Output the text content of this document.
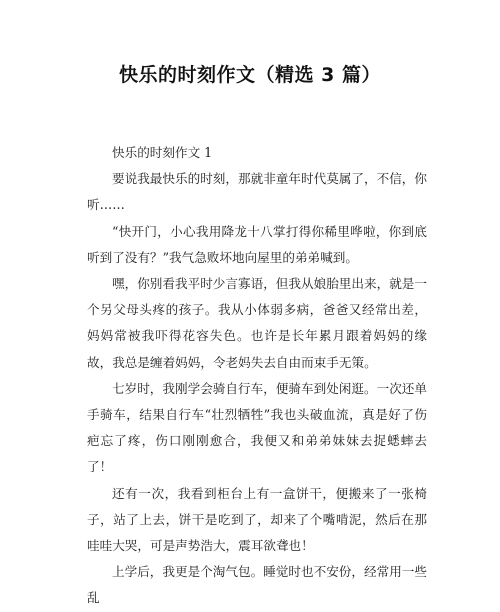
快乐的时刻作文（精选 3 篇）

快乐的时刻作文 1

要说我最快乐的时刻，那就非童年时代莫属了，不信，你听……

“快开门，小心我用降龙十八掌打得你稀里哗啦，你到底听到了没有？”我气急败坏地向屋里的弟弟喊到。

嘿，你别看我平时少言寡语，但我从娘胎里出来，就是一个另父母头疼的孩子。我从小体弱多病，爸爸又经常出差，妈妈常被我吓得花容失色。也许是长年累月跟着妈妈的缘故，我总是缠着妈妈，令老妈失去自由而束手无策。

七岁时，我刚学会骑自行车，便骑车到处闲逛。一次还单手骑车，结果自行车“壮烈牺牲”我也头破血流，真是好了伤疤忘了疼，伤口刚刚愈合，我便又和弟弟妹妹去捉蟋蟀去了！

还有一次，我看到柜台上有一盒饼干，便搬来了一张椅子，站了上去，饼干是吃到了，却来了个嘴啃泥，然后在那哇哇大哭，可是声势浩大，震耳欲聋也！

上学后，我更是个淘气包。睡觉时也不安份，经常用一些乱
